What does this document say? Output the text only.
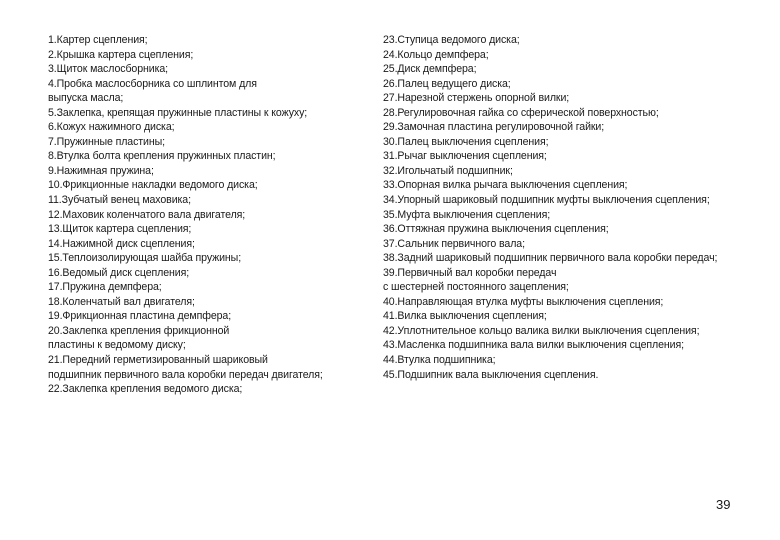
1.Картер сцепления;
2.Крышка картера сцепления;
3.Щиток маслосборника;
4.Пробка маслосборника со шплинтом для
выпуска масла;
5.Заклепка, крепящая пружинные пластины к кожуху;
6.Кожух нажимного диска;
7.Пружинные пластины;
8.Втулка болта крепления пружинных пластин;
9.Нажимная пружина;
10.Фрикционные накладки ведомого диска;
11.Зубчатый венец маховика;
12.Маховик коленчатого вала двигателя;
13.Щиток картера сцепления;
14.Нажимной диск сцепления;
15.Теплоизолирующая шайба пружины;
16.Ведомый диск сцепления;
17.Пружина демпфера;
18.Коленчатый вал двигателя;
19.Фрикционная пластина демпфера;
20.Заклепка крепления фрикционной
пластины к ведомому диску;
21.Передний герметизированный шариковый
подшипник первичного вала коробки передач двигателя;
22.Заклепка крепления ведомого диска;
23.Ступица ведомого диска;
24.Кольцо демпфера;
25.Диск демпфера;
26.Палец ведущего диска;
27.Нарезной стержень опорной вилки;
28.Регулировочная гайка со сферической поверхностью;
29.Замочная пластина регулировочной гайки;
30.Палец выключения сцепления;
31.Рычаг выключения сцепления;
32.Игольчатый подшипник;
33.Опорная вилка рычага выключения сцепления;
34.Упорный шариковый подшипник муфты выключения сцепления;
35.Муфта выключения сцепления;
36.Оттяжная пружина выключения сцепления;
37.Сальник первичного вала;
38.Задний шариковый подшипник первичного вала коробки передач;
39.Первичный вал коробки передач
с шестерней постоянного зацепления;
40.Направляющая втулка муфты выключения сцепления;
41.Вилка выключения сцепления;
42.Уплотнительное кольцо валика вилки выключения сцепления;
43.Масленка подшипника вала вилки выключения сцепления;
44.Втулка подшипника;
45.Подшипник вала выключения сцепления.
39
